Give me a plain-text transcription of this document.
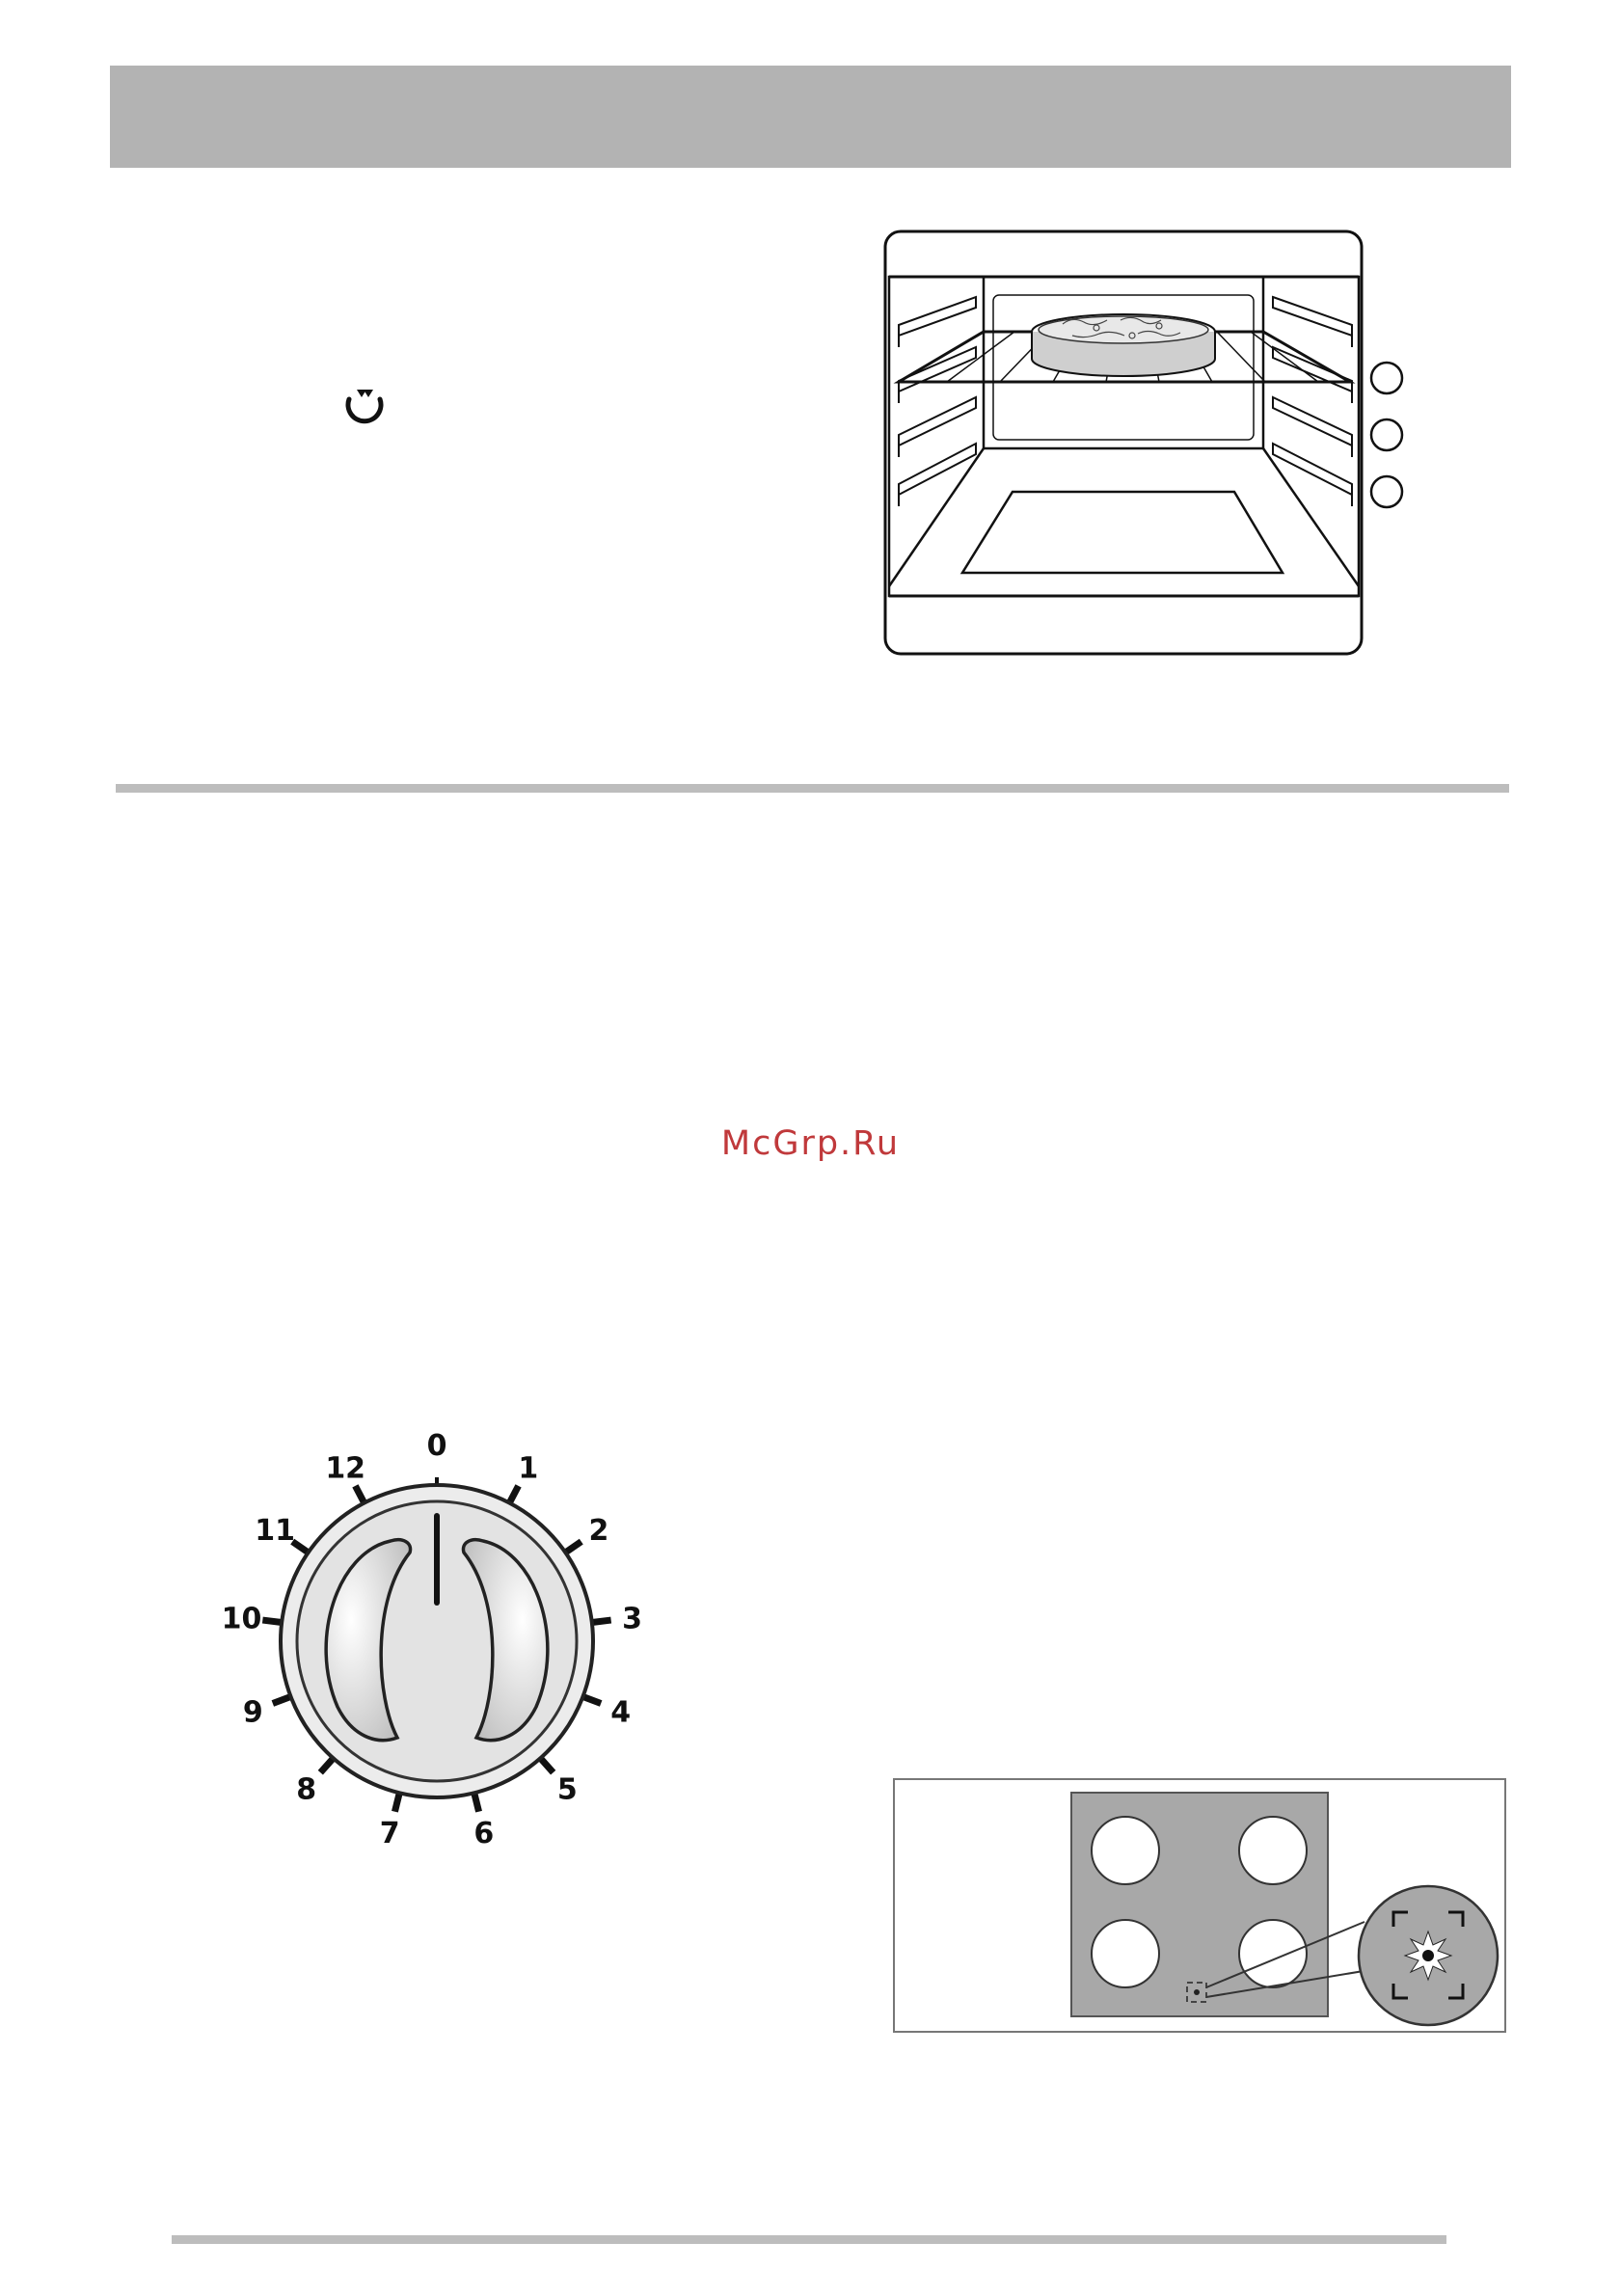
McGrp.Ru
0
1
2
3
4
5
6
7
8
9
10
11
12
